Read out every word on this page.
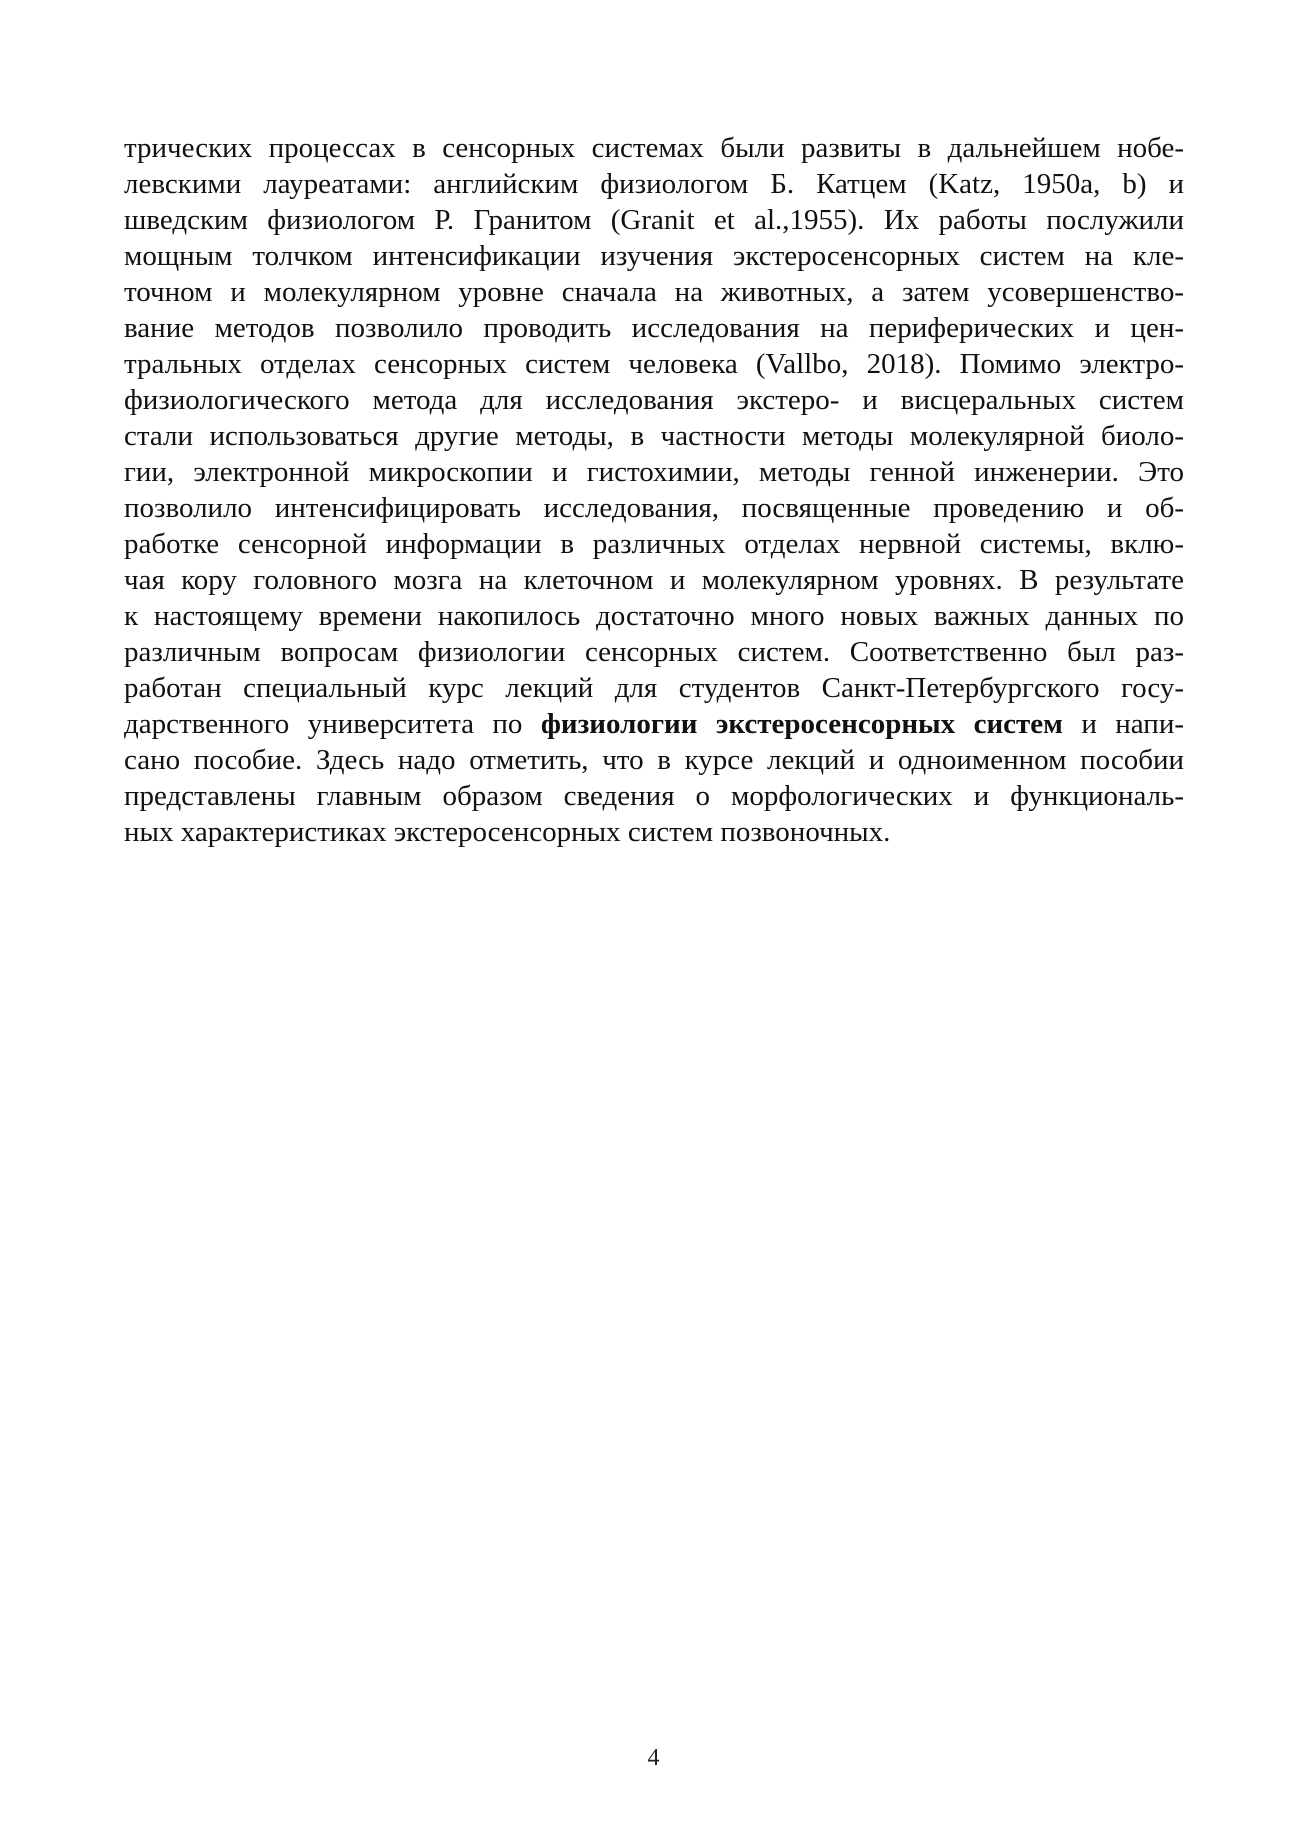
трических процессах в сенсорных системах были развиты в дальнейшем нобе-
левскими лауреатами: английским физиологом Б. Катцем (Katz, 1950a, b) и
шведским физиологом Р. Гранитом (Granit et al.,1955). Их работы послужили
мощным толчком интенсификации изучения экстеросенсорных систем на кле-
точном и молекулярном уровне сначала на животных, а затем усовершенство-
вание методов позволило проводить исследования на периферических и цен-
тральных отделах сенсорных систем человека (Vallbo, 2018). Помимо электро-
физиологического метода для исследования экстеро- и висцеральных систем
стали использоваться другие методы, в частности методы молекулярной биоло-
гии, электронной микроскопии и гистохимии, методы генной инженерии. Это
позволило интенсифицировать исследования, посвященные проведению и об-
работке сенсорной информации в различных отделах нервной системы, вклю-
чая кору головного мозга на клеточном и молекулярном уровнях. В результате
к настоящему времени накопилось достаточно много новых важных данных по
различным вопросам физиологии сенсорных систем. Соответственно был раз-
работан специальный курс лекций для студентов Санкт-Петербургского госу-
дарственного университета по физиологии экстеросенсорных систем и напи-
сано пособие. Здесь надо отметить, что в курсе лекций и одноименном пособии
представлены главным образом сведения о морфологических и функциональ-
ных характеристиках экстеросенсорных систем позвоночных.
4
